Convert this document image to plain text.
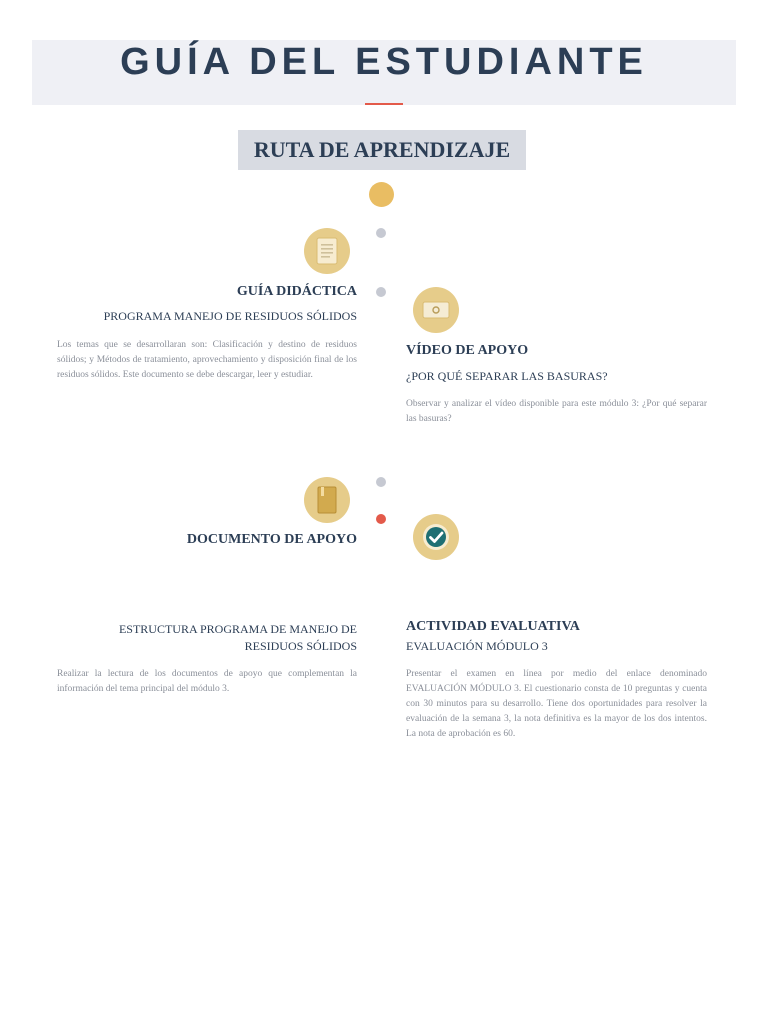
GUÍA DEL ESTUDIANTE
RUTA DE APRENDIZAJE
GUÍA DIDÁCTICA
PROGRAMA MANEJO DE RESIDUOS SÓLIDOS
Los temas que se desarrollaran son: Clasificación y destino de residuos sólidos; y Métodos de tratamiento, aprovechamiento y disposición final de los residuos sólidos. Este documento se debe descargar, leer y estudiar.
VÍDEO DE APOYO
¿POR QUÉ SEPARAR LAS BASURAS?
Observar y analizar el vídeo disponible para este módulo 3: ¿Por qué separar las basuras?
DOCUMENTO DE APOYO
ESTRUCTURA PROGRAMA DE MANEJO DE RESIDUOS SÓLIDOS
Realizar la lectura de los documentos de apoyo que complementan la información del tema principal del módulo 3.
ACTIVIDAD EVALUATIVA
EVALUACIÓN MÓDULO 3
Presentar el examen en línea por medio del enlace denominado EVALUACIÓN MÓDULO 3. El cuestionario consta de 10 preguntas y cuenta con 30 minutos para su desarrollo. Tiene dos oportunidades para resolver la evaluación de la semana 3, la nota definitiva es la mayor de los dos intentos. La nota de aprobación es 60.
